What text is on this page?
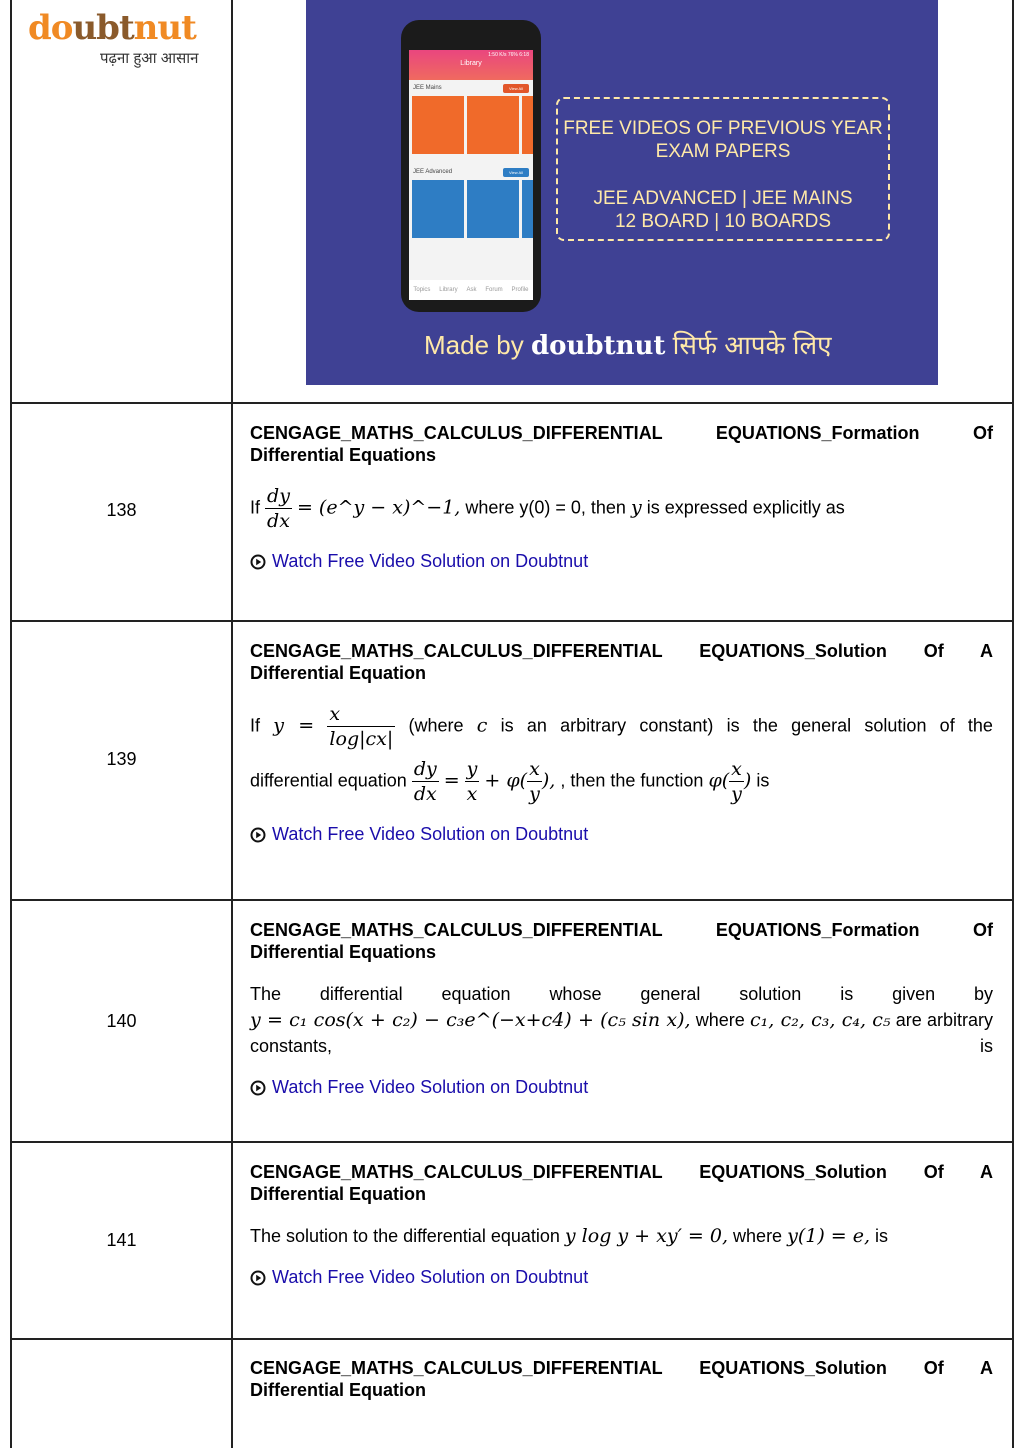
doubtnut
पढ़ना हुआ आसान	1:50 K/s 76% 6:18
Library
JEE Mains	View All
JEE Advanced	View All
Topics Library Ask Forum Profile
FREE VIDEOS OF PREVIOUS YEAR
EXAM PAPERS
JEE ADVANCED | JEE MAINS
12 BOARD | 10 BOARDS
Made by doubtnut सिर्फ आपके लिए
138
CENGAGE_MATHS_CALCULUS_DIFFERENTIAL EQUATIONS_Formation Of
Differential Equations
If $\frac{dy}{dx}$ = (e^y − x)^−1, where y(0) = 0, then y is expressed explicitly as
Watch Free Video Solution on Doubtnut
139
CENGAGE_MATHS_CALCULUS_DIFFERENTIAL EQUATIONS_Solution Of A
Differential Equation
If $y = \frac{x}{\log|cx|}$ (where c is an arbitrary constant) is the general solution of the
differential equation $\frac{dy}{dx} = \frac{y}{x} + \varphi( \frac{x}{y}$ ), , then the function $\varphi( \frac{x}{y}$ ) is
Watch Free Video Solution on Doubtnut
140
CENGAGE_MATHS_CALCULUS_DIFFERENTIAL EQUATIONS_Formation Of
Differential Equations
The differential equation whose general solution is given by
y = c₁ cos(x + c₂) − c₃e^(−x+c4) + (c₅ sin x), where c₁, c₂, c₃, c₄, c₅ are arbitrary constants, is
Watch Free Video Solution on Doubtnut
141
CENGAGE_MATHS_CALCULUS_DIFFERENTIAL EQUATIONS_Solution Of A
Differential Equation
The solution to the differential equation y log y + xy′ = 0, where y(1) = e, is
Watch Free Video Solution on Doubtnut
CENGAGE_MATHS_CALCULUS_DIFFERENTIAL EQUATIONS_Solution Of A
Differential Equation
